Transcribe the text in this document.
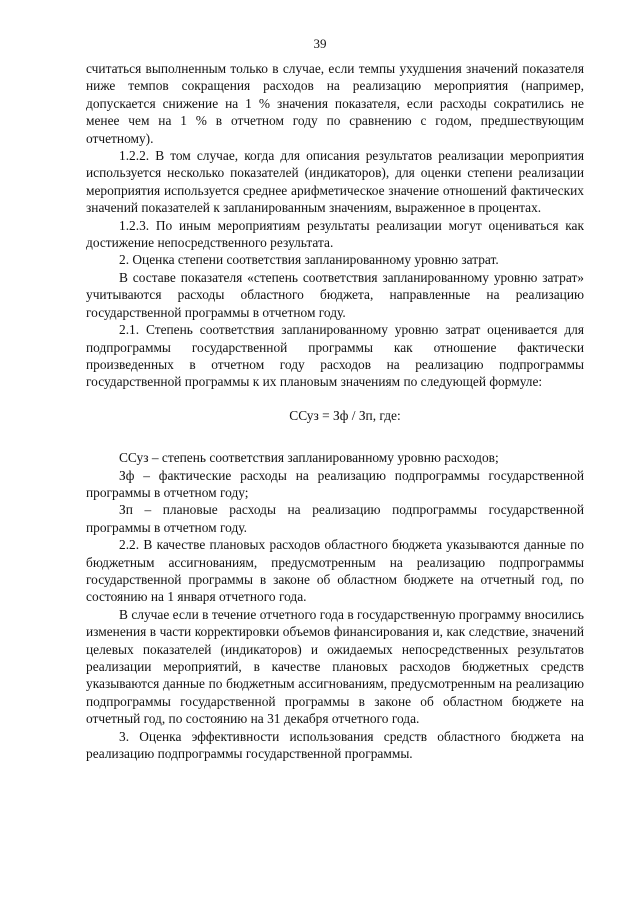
39

считаться выполненным только в случае, если темпы ухудшения значений показателя ниже темпов сокращения расходов на реализацию мероприятия (например, допускается снижение на 1 % значения показателя, если расходы сократились не менее чем на 1 % в отчетном году по сравнению с годом, предшествующим отчетному).

1.2.2. В том случае, когда для описания результатов реализации мероприятия используется несколько показателей (индикаторов), для оценки степени реализации мероприятия используется среднее арифметическое значение отношений фактических значений показателей к запланированным значениям, выраженное в процентах.

1.2.3. По иным мероприятиям результаты реализации могут оцениваться как достижение непосредственного результата.

2. Оценка степени соответствия запланированному уровню затрат.

В составе показателя «степень соответствия запланированному уровню затрат» учитываются расходы областного бюджета, направленные на реализацию государственной программы в отчетном году.

2.1. Степень соответствия запланированному уровню затрат оценивается для подпрограммы государственной программы как отношение фактически произведенных в отчетном году расходов на реализацию подпрограммы государственной программы к их плановым значениям по следующей формуле:

ССуз = Зф / Зп, где:

ССуз – степень соответствия запланированному уровню расходов;

Зф – фактические расходы на реализацию подпрограммы государственной программы в отчетном году;

Зп – плановые расходы на реализацию подпрограммы государственной программы в отчетном году.

2.2. В качестве плановых расходов областного бюджета указываются данные по бюджетным ассигнованиям, предусмотренным на реализацию подпрограммы государственной программы в законе об областном бюджете на отчетный год, по состоянию на 1 января отчетного года.

В случае если в течение отчетного года в государственную программу вносились изменения в части корректировки объемов финансирования и, как следствие, значений целевых показателей (индикаторов) и ожидаемых непосредственных результатов реализации мероприятий, в качестве плановых расходов бюджетных средств указываются данные по бюджетным ассигнованиям, предусмотренным на реализацию подпрограммы государственной программы в законе об областном бюджете на отчетный год, по состоянию на 31 декабря отчетного года.

3. Оценка эффективности использования средств областного бюджета на реализацию подпрограммы государственной программы.
